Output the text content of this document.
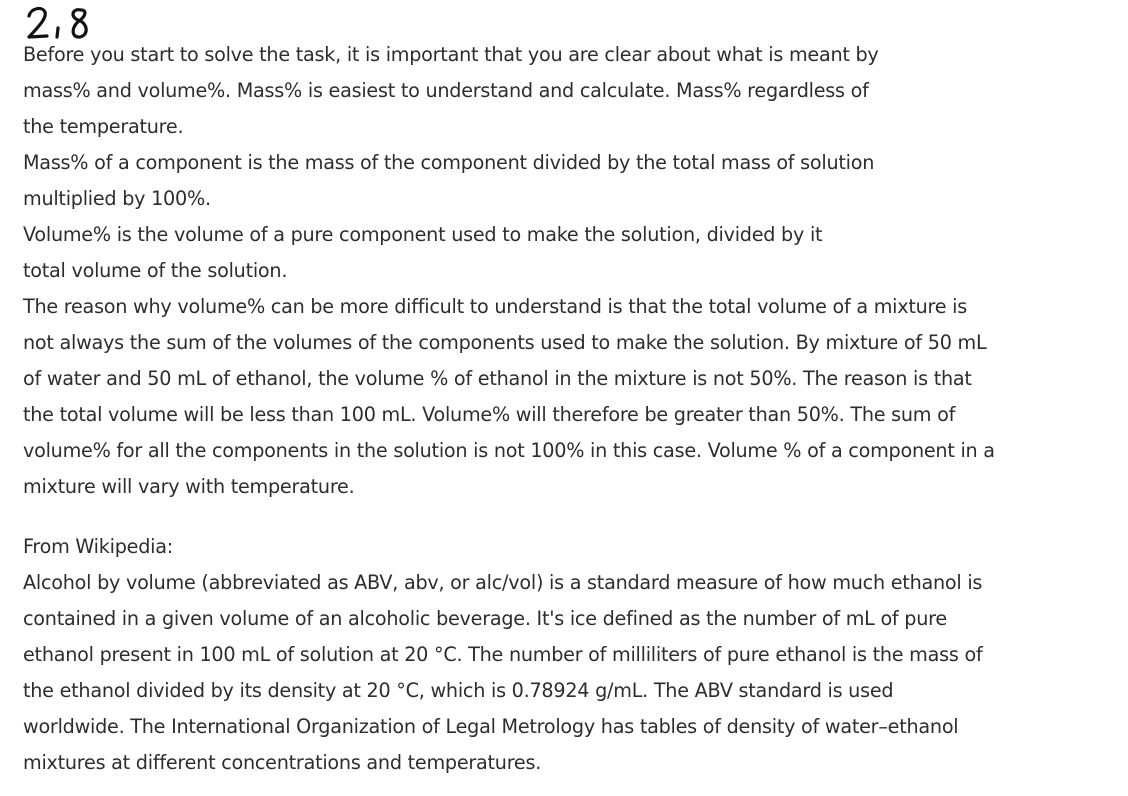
Before you start to solve the task, it is important that you are clear about what is meant by
mass% and volume%. Mass% is easiest to understand and calculate. Mass% regardless of
the temperature.
Mass% of a component is the mass of the component divided by the total mass of solution
multiplied by 100%.
Volume% is the volume of a pure component used to make the solution, divided by it
total volume of the solution.
The reason why volume% can be more difficult to understand is that the total volume of a mixture is
not always the sum of the volumes of the components used to make the solution. By mixture of 50 mL
of water and 50 mL of ethanol, the volume % of ethanol in the mixture is not 50%. The reason is that
the total volume will be less than 100 mL. Volume% will therefore be greater than 50%. The sum of
volume% for all the components in the solution is not 100% in this case. Volume % of a component in a
mixture will vary with temperature.
From Wikipedia:
Alcohol by volume (abbreviated as ABV, abv, or alc/vol) is a standard measure of how much ethanol is
contained in a given volume of an alcoholic beverage. It's ice defined as the number of mL of pure
ethanol present in 100 mL of solution at 20 °C. The number of milliliters of pure ethanol is the mass of
the ethanol divided by its density at 20 °C, which is 0.78924 g/mL. The ABV standard is used
worldwide. The International Organization of Legal Metrology has tables of density of water–ethanol
mixtures at different concentrations and temperatures.
